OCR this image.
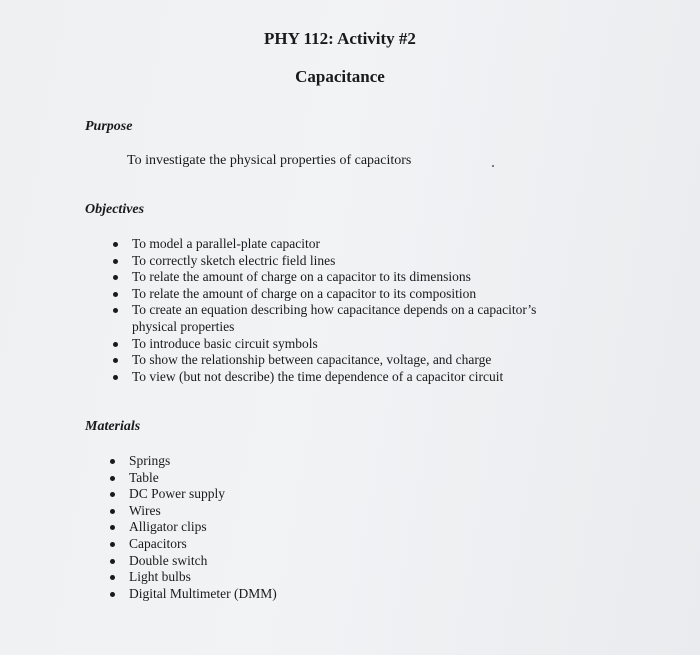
PHY 112: Activity #2
Capacitance
Purpose
To investigate the physical properties of capacitors
Objectives
To model a parallel-plate capacitor
To correctly sketch electric field lines
To relate the amount of charge on a capacitor to its dimensions
To relate the amount of charge on a capacitor to its composition
To create an equation describing how capacitance depends on a capacitor’s
physical properties
To introduce basic circuit symbols
To show the relationship between capacitance, voltage, and charge
To view (but not describe) the time dependence of a capacitor circuit
Materials
Springs
Table
DC Power supply
Wires
Alligator clips
Capacitors
Double switch
Light bulbs
Digital Multimeter (DMM)
